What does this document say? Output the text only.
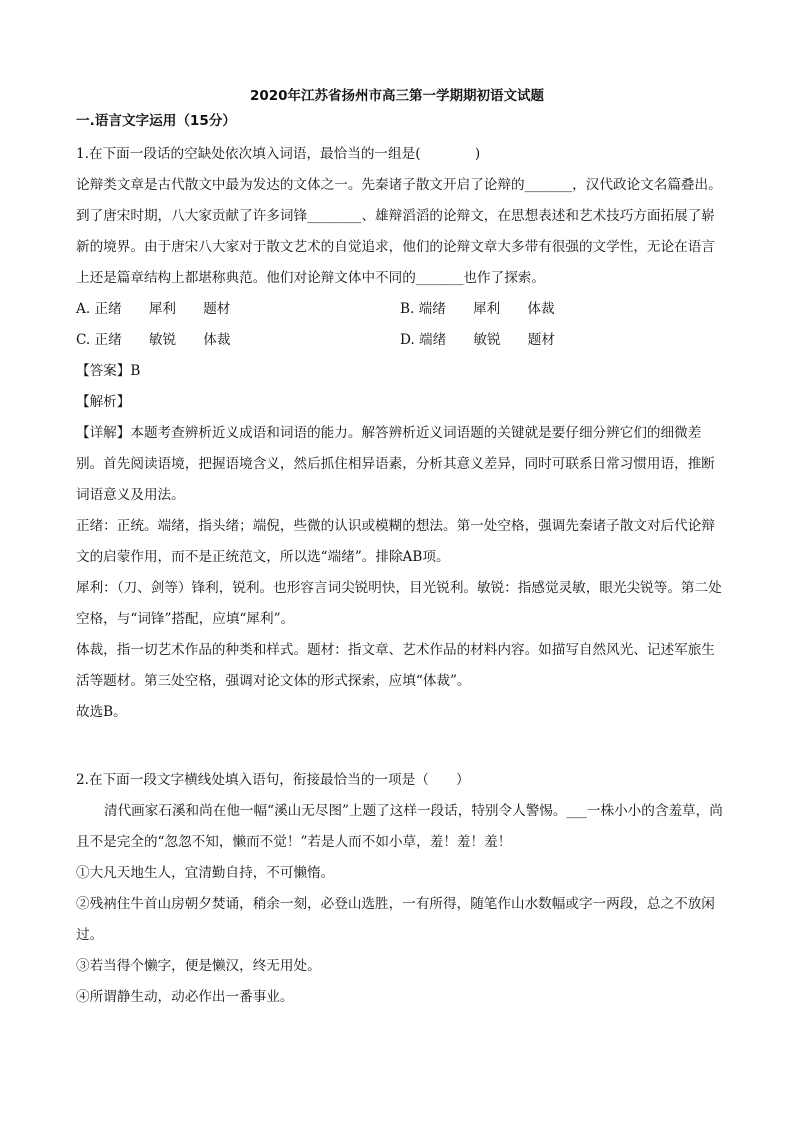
2020年江苏省扬州市高三第一学期期初语文试题
一.语言文字运用（15分）
1.在下面一段话的空缺处依次填入词语，最恰当的一组是(　　　　)
论辩类文章是古代散文中最为发达的文体之一。先秦诸子散文开启了论辩的_______，汉代政论文名篇叠出。到了唐宋时期，八大家贡献了许多词锋________、雄辩滔滔的论辩文，在思想表述和艺术技巧方面拓展了崭新的境界。由于唐宋八大家对于散文艺术的自觉追求，他们的论辩文章大多带有很强的文学性，无论在语言上还是篇章结构上都堪称典范。他们对论辩文体中不同的_______也作了探索。
A. 正绪　　犀利　　题材	B. 端绪　　犀利　　体裁
C. 正绪　　敏锐　　体裁	D. 端绪　　敏锐　　题材
【答案】B
【解析】
【详解】本题考查辨析近义成语和词语的能力。解答辨析近义词语题的关键就是要仔细分辨它们的细微差别。首先阅读语境，把握语境含义，然后抓住相异语素，分析其意义差异，同时可联系日常习惯用语，推断词语意义及用法。
正绪：正统。端绪，指头绪；端倪，些微的认识或模糊的想法。第一处空格，强调先秦诸子散文对后代论辩文的启蒙作用，而不是正统范文，所以选“端绪”。排除AB项。
犀利：（刀、剑等）锋利，锐利。也形容言词尖锐明快，目光锐利。敏锐：指感觉灵敏，眼光尖锐等。第二处空格，与“词锋”搭配，应填“犀利”。
体裁，指一切艺术作品的种类和样式。题材：指文章、艺术作品的材料内容。如描写自然风光、记述军旅生活等题材。第三处空格，强调对论文体的形式探索，应填“体裁”。
故选B。
2.在下面一段文字横线处填入语句，衔接最恰当的一项是（　　）
清代画家石溪和尚在他一幅“溪山无尽图”上题了这样一段话，特别令人警惕。___一株小小的含羞草，尚且不是完全的“忽忽不知，懒而不觉！”若是人而不如小草，羞！羞！羞！
①大凡天地生人，宜清勤自持，不可懒惰。
②残衲住牛首山房朝夕焚诵，稍余一刻，必登山选胜，一有所得，随笔作山水数幅或字一两段，总之不放闲过。
③若当得个懒字，便是懒汉，终无用处。
④所谓静生动，动必作出一番事业。
